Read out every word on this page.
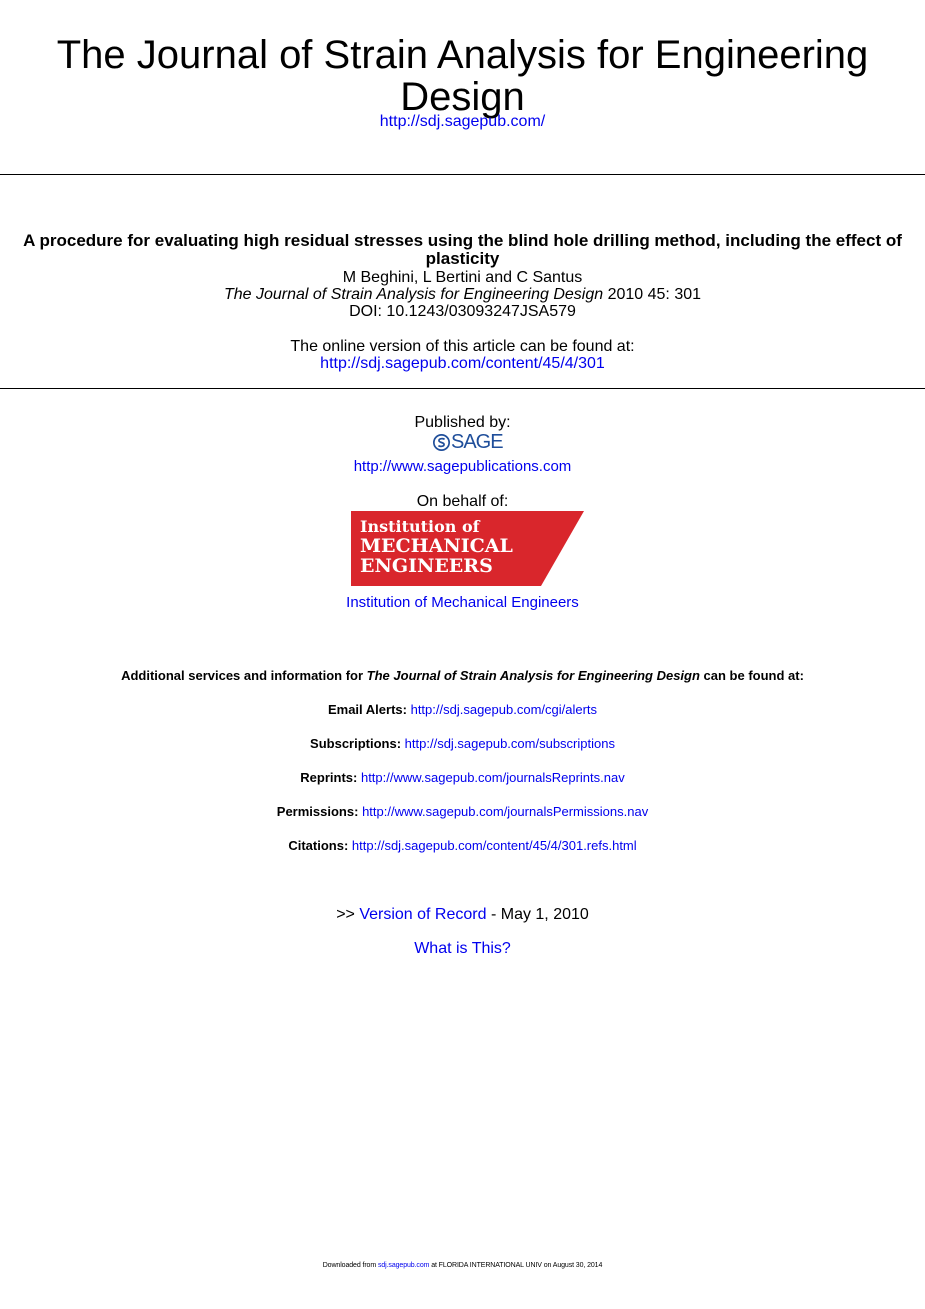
The Journal of Strain Analysis for Engineering Design
http://sdj.sagepub.com/
A procedure for evaluating high residual stresses using the blind hole drilling method, including the effect of plasticity
M Beghini, L Bertini and C Santus
The Journal of Strain Analysis for Engineering Design 2010 45: 301
DOI: 10.1243/03093247JSA579
The online version of this article can be found at:
http://sdj.sagepub.com/content/45/4/301
Published by:
SAGE
http://www.sagepublications.com
On behalf of:
Institution of
MECHANICAL
ENGINEERS
Institution of Mechanical Engineers
Additional services and information for The Journal of Strain Analysis for Engineering Design can be found at:
Email Alerts: http://sdj.sagepub.com/cgi/alerts
Subscriptions: http://sdj.sagepub.com/subscriptions
Reprints: http://www.sagepub.com/journalsReprints.nav
Permissions: http://www.sagepub.com/journalsPermissions.nav
Citations: http://sdj.sagepub.com/content/45/4/301.refs.html
>> Version of Record - May 1, 2010
What is This?
Downloaded from sdj.sagepub.com at FLORIDA INTERNATIONAL UNIV on August 30, 2014
